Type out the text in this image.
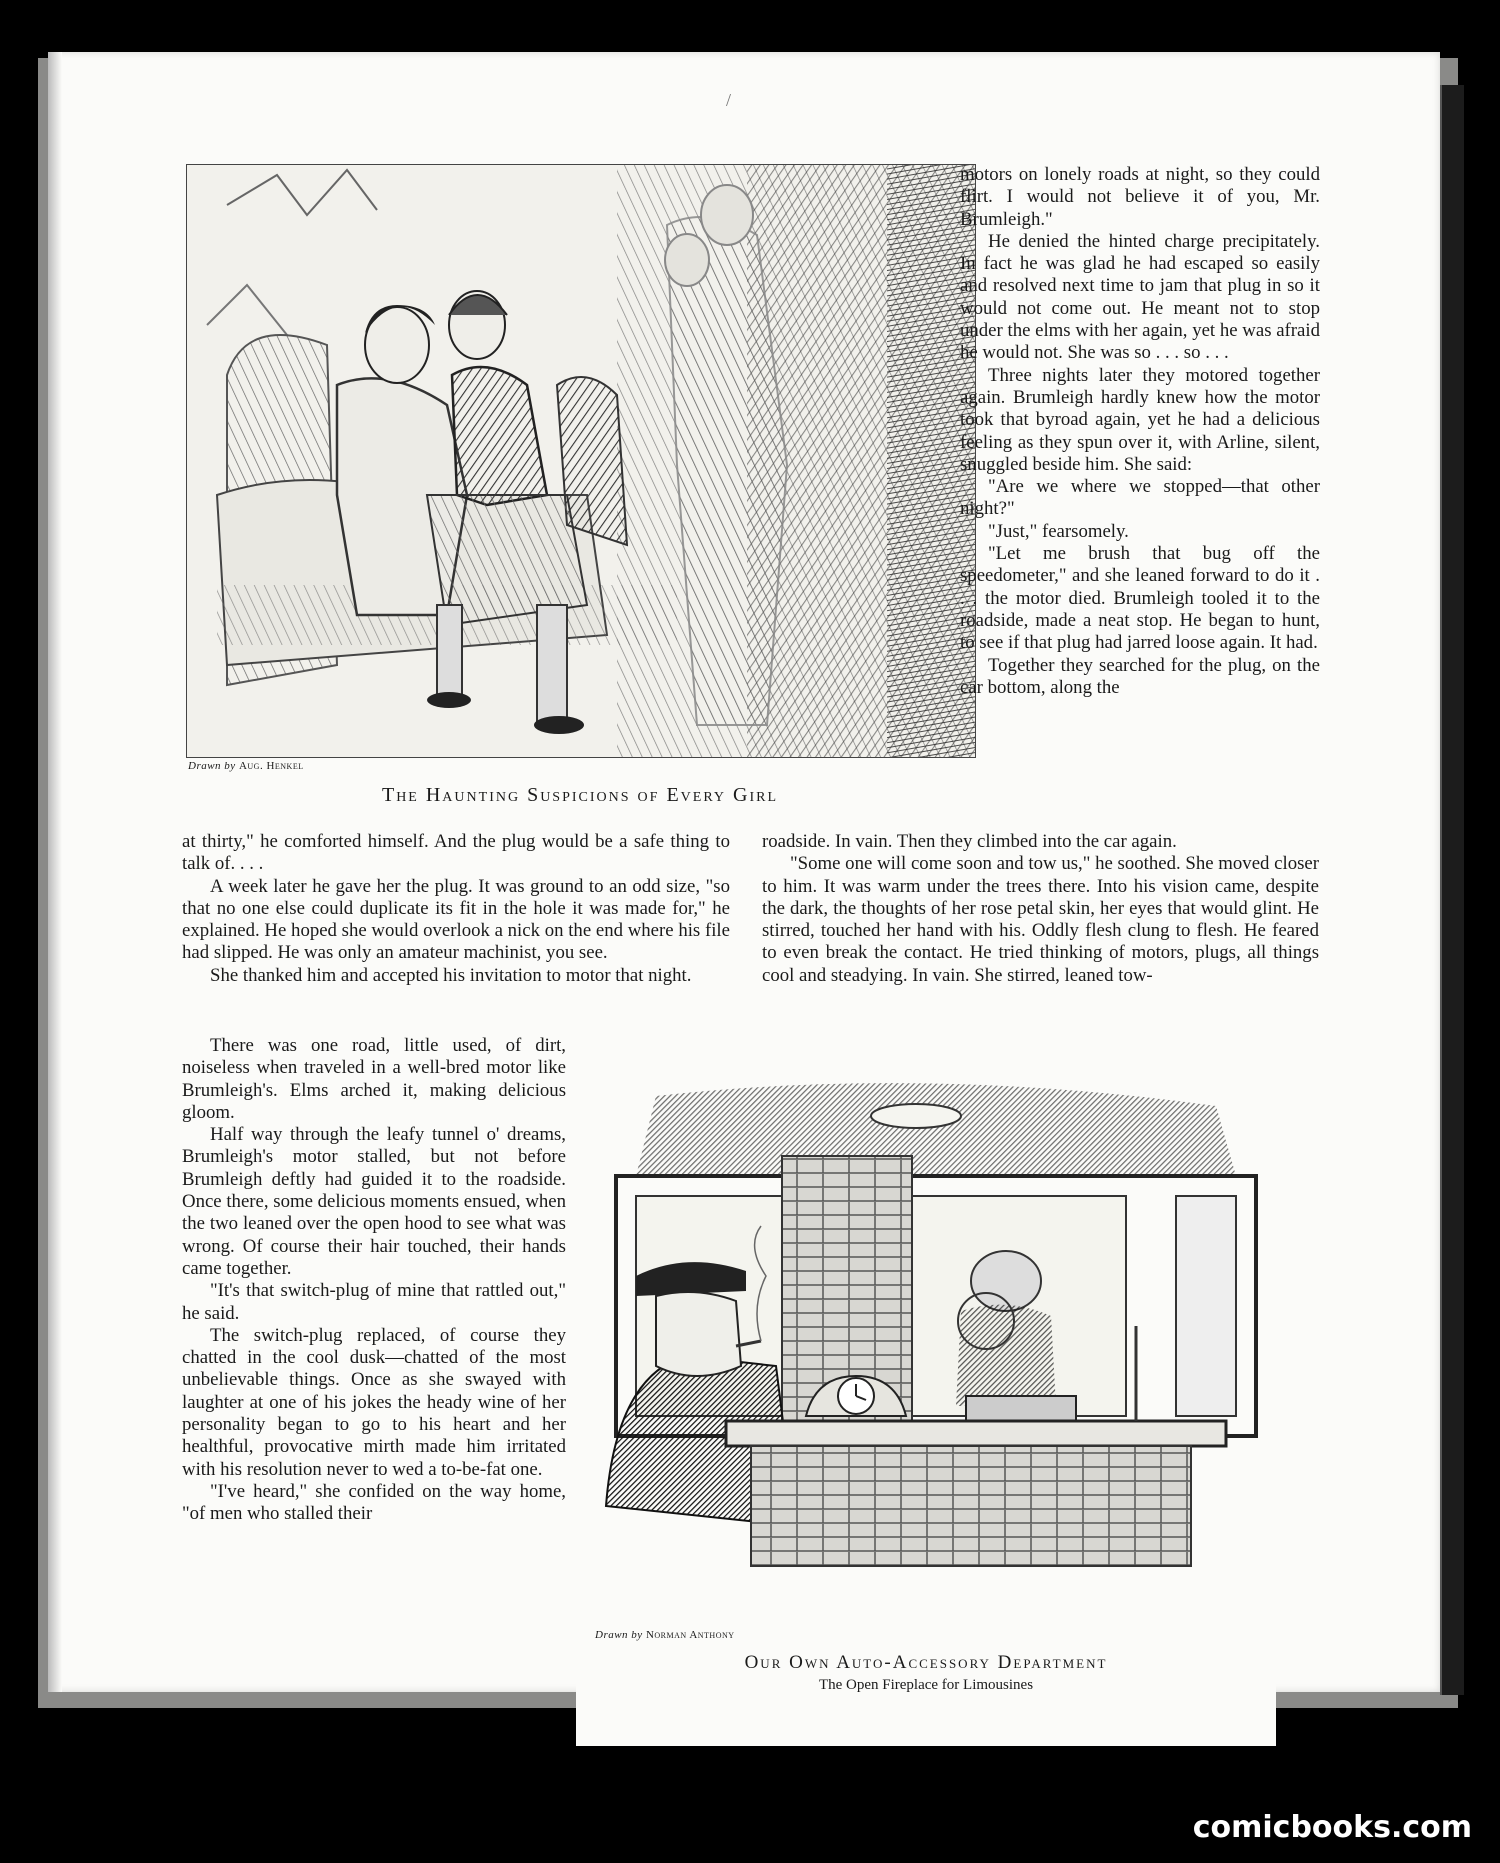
/
Drawn by Aug. Henkel
The Haunting Suspicions of Every Girl

motors on lonely roads at night, so they could flirt. I would not believe it of you, Mr. Brumleigh."

He denied the hinted charge precipitately. In fact he was glad he had escaped so easily and resolved next time to jam that plug in so it would not come out. He meant not to stop under the elms with her again, yet he was afraid he would not. She was so . . . so . . .

Three nights later they motored together again. Brumleigh hardly knew how the motor took that byroad again, yet he had a delicious feeling as they spun over it, with Arline, silent, snuggled beside him. She said:

"Are we where we stopped—that other night?"

"Just," fearsomely.

"Let me brush that bug off the speedometer," and she leaned forward to do it . . . the motor died. Brumleigh tooled it to the roadside, made a neat stop. He began to hunt, to see if that plug had jarred loose again. It had.

Together they searched for the plug, on the car bottom, along the

at thirty," he comforted himself. And the plug would be a safe thing to talk of. . . .

A week later he gave her the plug. It was ground to an odd size, "so that no one else could duplicate its fit in the hole it was made for," he explained. He hoped she would overlook a nick on the end where his file had slipped. He was only an amateur machinist, you see.

She thanked him and accepted his invitation to motor that night.

roadside. In vain. Then they climbed into the car again.

"Some one will come soon and tow us," he soothed. She moved closer to him. It was warm under the trees there. Into his vision came, despite the dark, the thoughts of her rose petal skin, her eyes that would glint. He stirred, touched her hand with his. Oddly flesh clung to flesh. He feared to even break the contact. He tried thinking of motors, plugs, all things cool and steadying. In vain. She stirred, leaned tow-

There was one road, little used, of dirt, noiseless when traveled in a well-bred motor like Brumleigh's. Elms arched it, making delicious gloom.

Half way through the leafy tunnel o' dreams, Brumleigh's motor stalled, but not before Brumleigh deftly had guided it to the roadside. Once there, some delicious moments ensued, when the two leaned over the open hood to see what was wrong. Of course their hair touched, their hands came together.

"It's that switch-plug of mine that rattled out," he said.

The switch-plug replaced, of course they chatted in the cool dusk—chatted of the most unbelievable things. Once as she swayed with laughter at one of his jokes the heady wine of her personality began to go to his heart and her healthful, provocative mirth made him irritated with his resolution never to wed a to-be-fat one.

"I've heard," she confided on the way home, "of men who stalled their

Drawn by Norman Anthony
Our Own Auto-Accessory Department
The Open Fireplace for Limousines
comicbooks.com
